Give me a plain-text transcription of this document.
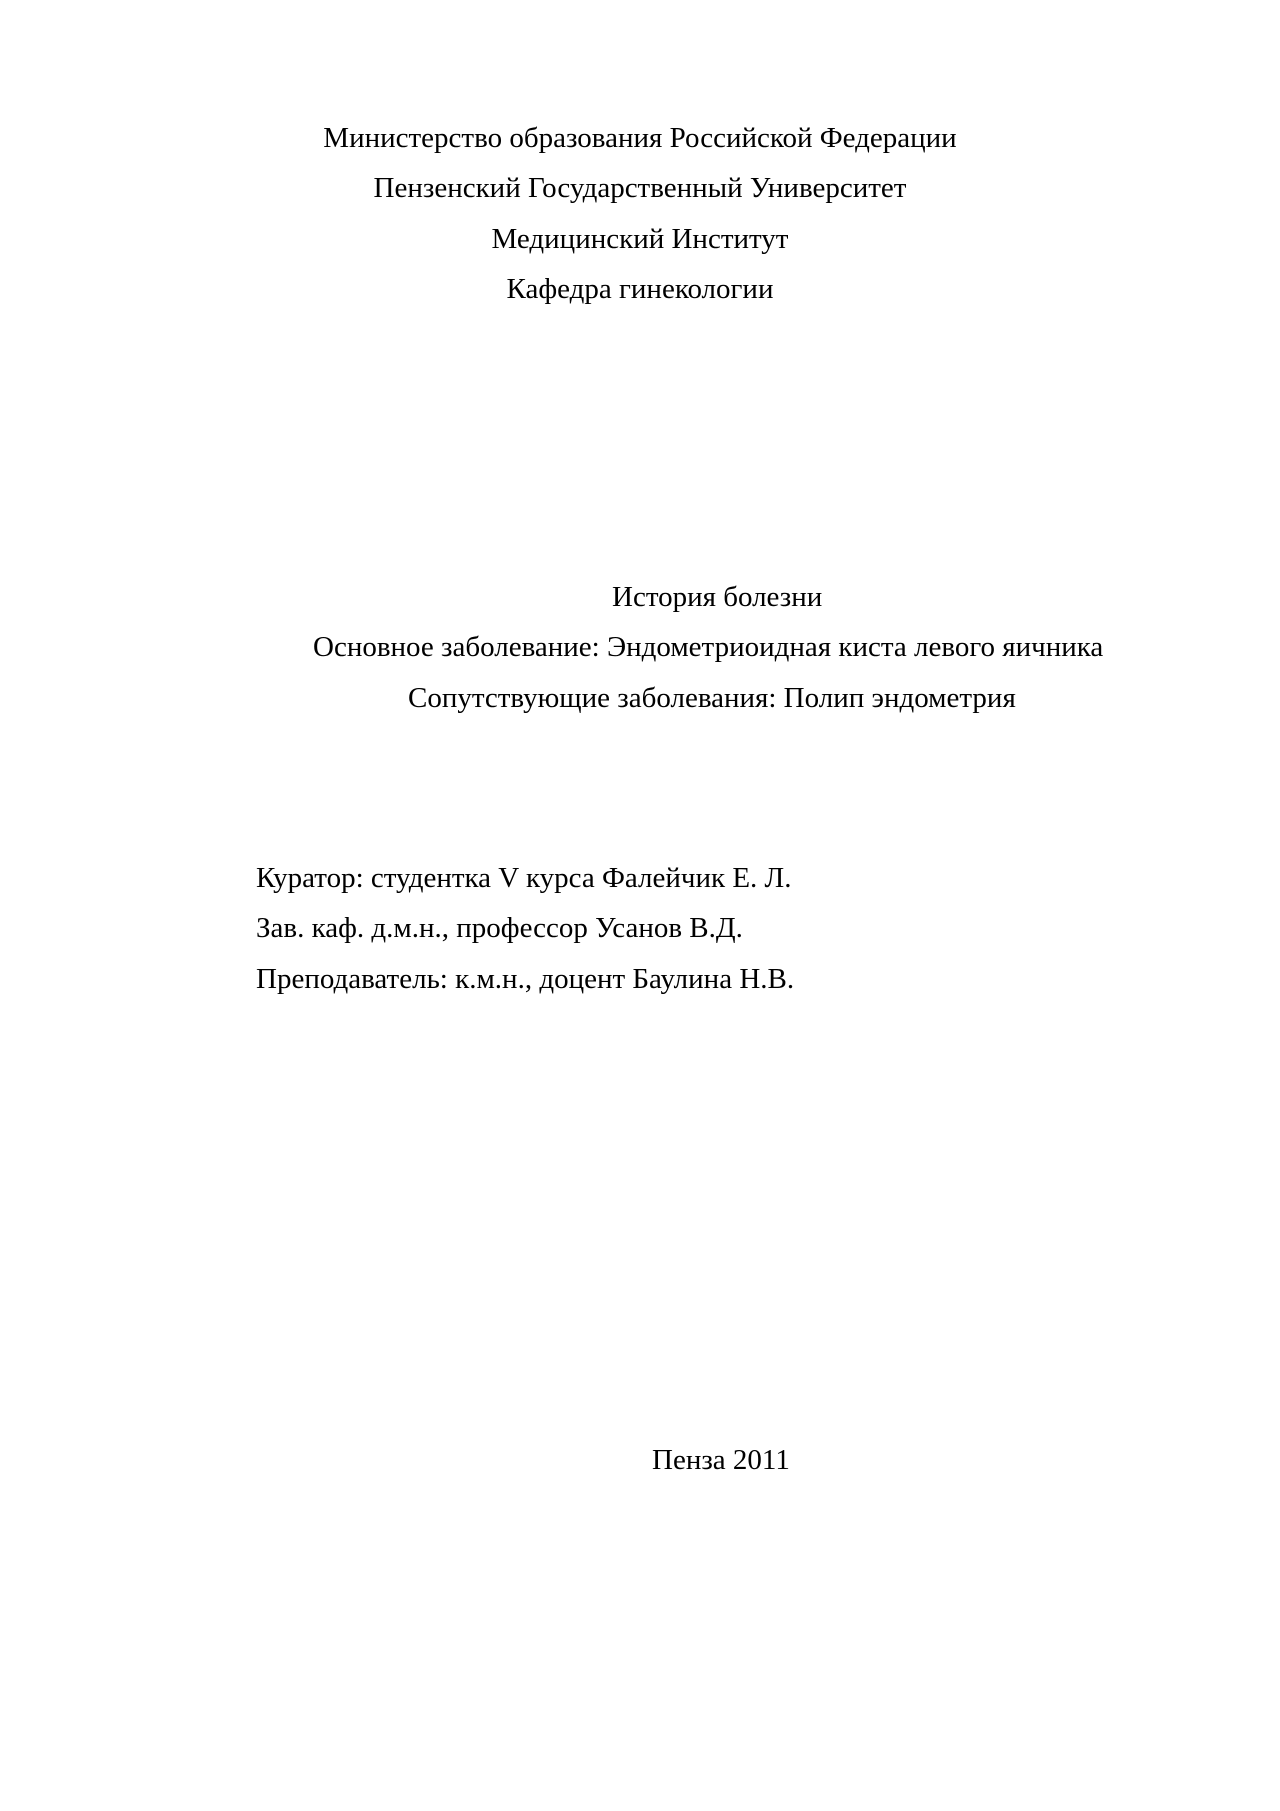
Министерство образования Российской Федерации
Пензенский Государственный Университет
Медицинский Институт
Кафедра гинекологии
История болезни
Основное заболевание: Эндометриоидная киста левого яичника
Сопутствующие заболевания: Полип эндометрия
Куратор: студентка V курса Фалейчик Е. Л.
Зав. каф. д.м.н., профессор Усанов В.Д.
Преподаватель: к.м.н., доцент Баулина Н.В.
Пенза 2011
